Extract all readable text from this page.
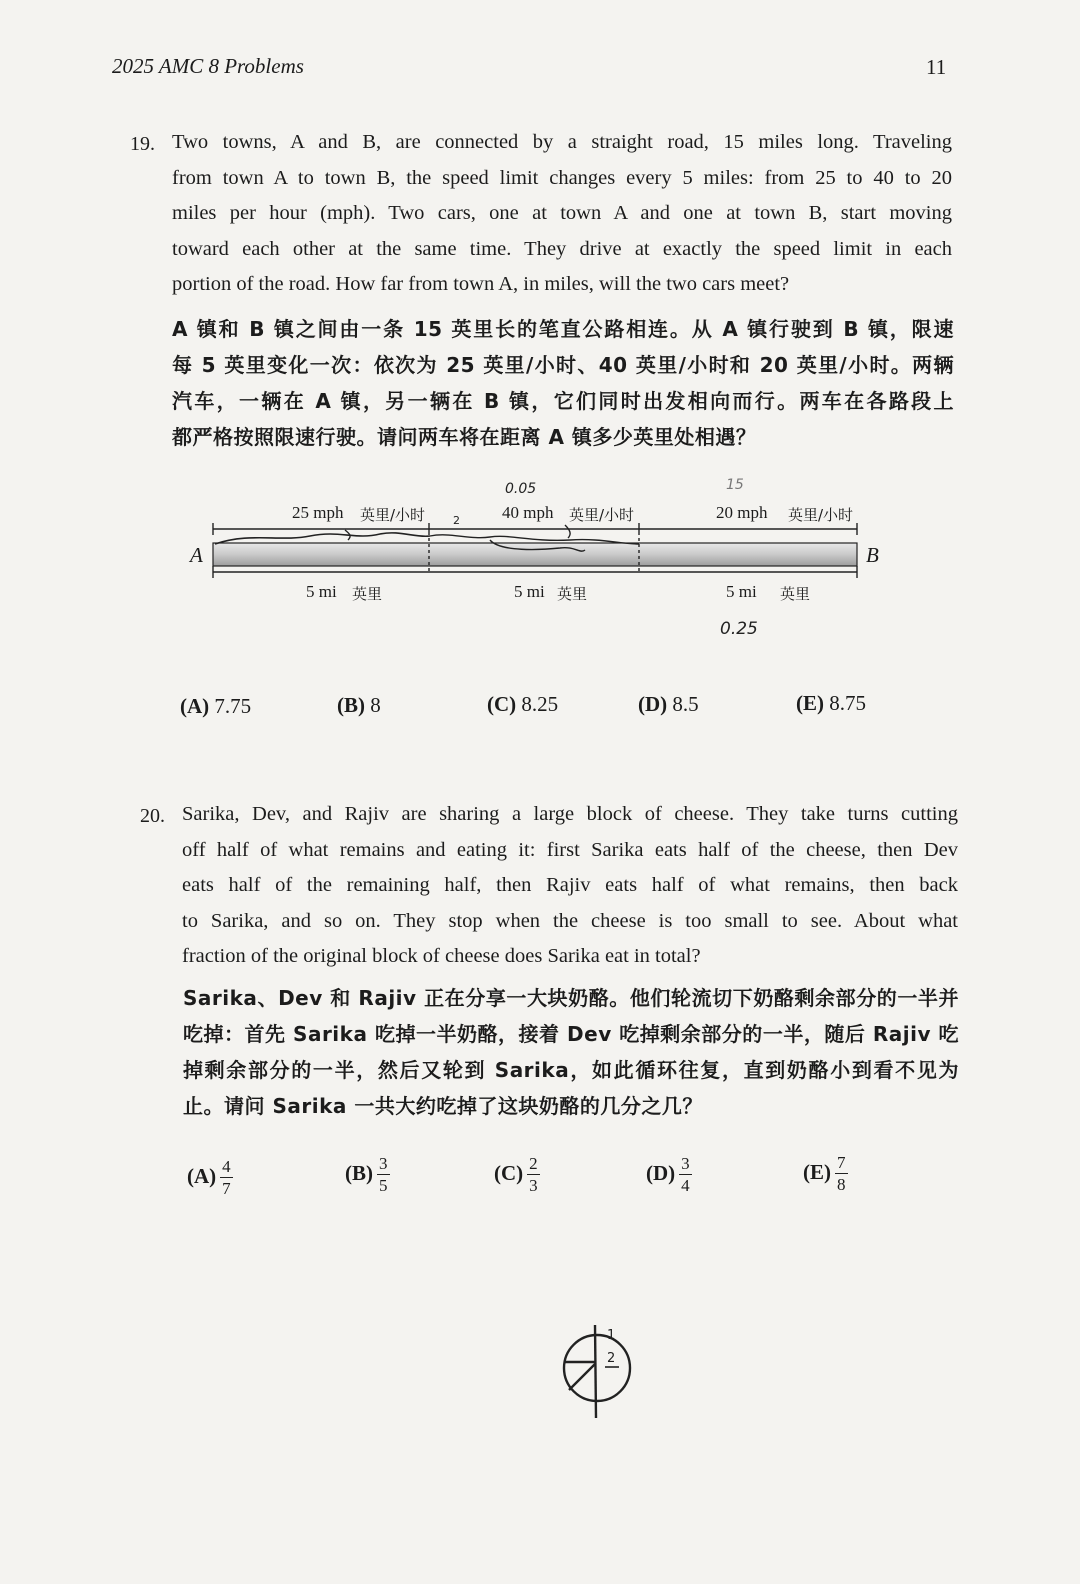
2025 AMC 8 Problems	11
19. Two towns, A and B, are connected by a straight road, 15 miles long. Traveling
from town A to town B, the speed limit changes every 5 miles: from 25 to 40 to 20
miles per hour (mph). Two cars, one at town A and one at town B, start moving
toward each other at the same time. They drive at exactly the speed limit in each
portion of the road. How far from town A, in miles, will the two cars meet?
A 镇和 B 镇之间由一条 15 英里长的笔直公路相连。从 A 镇行驶到 B 镇，限速
每 5 英里变化一次：依次为 25 英里/小时、40 英里/小时和 20 英里/小时。两辆
汽车，一辆在 A 镇，另一辆在 B 镇，它们同时出发相向而行。两车在各路段上
都严格按照限速行驶。请问两车将在距离 A 镇多少英里处相遇？
A	B
25 mph 英里/小时	40 mph 英里/小时	20 mph 英里/小时
5 mi 英里	5 mi 英里	5 mi 英里
0.05
2
15
0.25
(A) 7.75	(B) 8	(C) 8.25	(D) 8.5	(E) 8.75
20. Sarika, Dev, and Rajiv are sharing a large block of cheese. They take turns cutting
off half of what remains and eating it: first Sarika eats half of the cheese, then Dev
eats half of the remaining half, then Rajiv eats half of what remains, then back
to Sarika, and so on. They stop when the cheese is too small to see. About what
fraction of the original block of cheese does Sarika eat in total?
Sarika、Dev 和 Rajiv 正在分享一大块奶酪。他们轮流切下奶酪剩余部分的一半并
吃掉：首先 Sarika 吃掉一半奶酪，接着 Dev 吃掉剩余部分的一半，随后 Rajiv 吃
掉剩余部分的一半，然后又轮到 Sarika，如此循环往复，直到奶酪小到看不见为
止。请问 Sarika 一共大约吃掉了这块奶酪的几分之几？
$(A) \frac{4}{7}$	$(B) \frac{3}{5}$	$(C) \frac{2}{3}$	$(D) \frac{3}{4}$	$(E) \frac{7}{8}$
1
2
